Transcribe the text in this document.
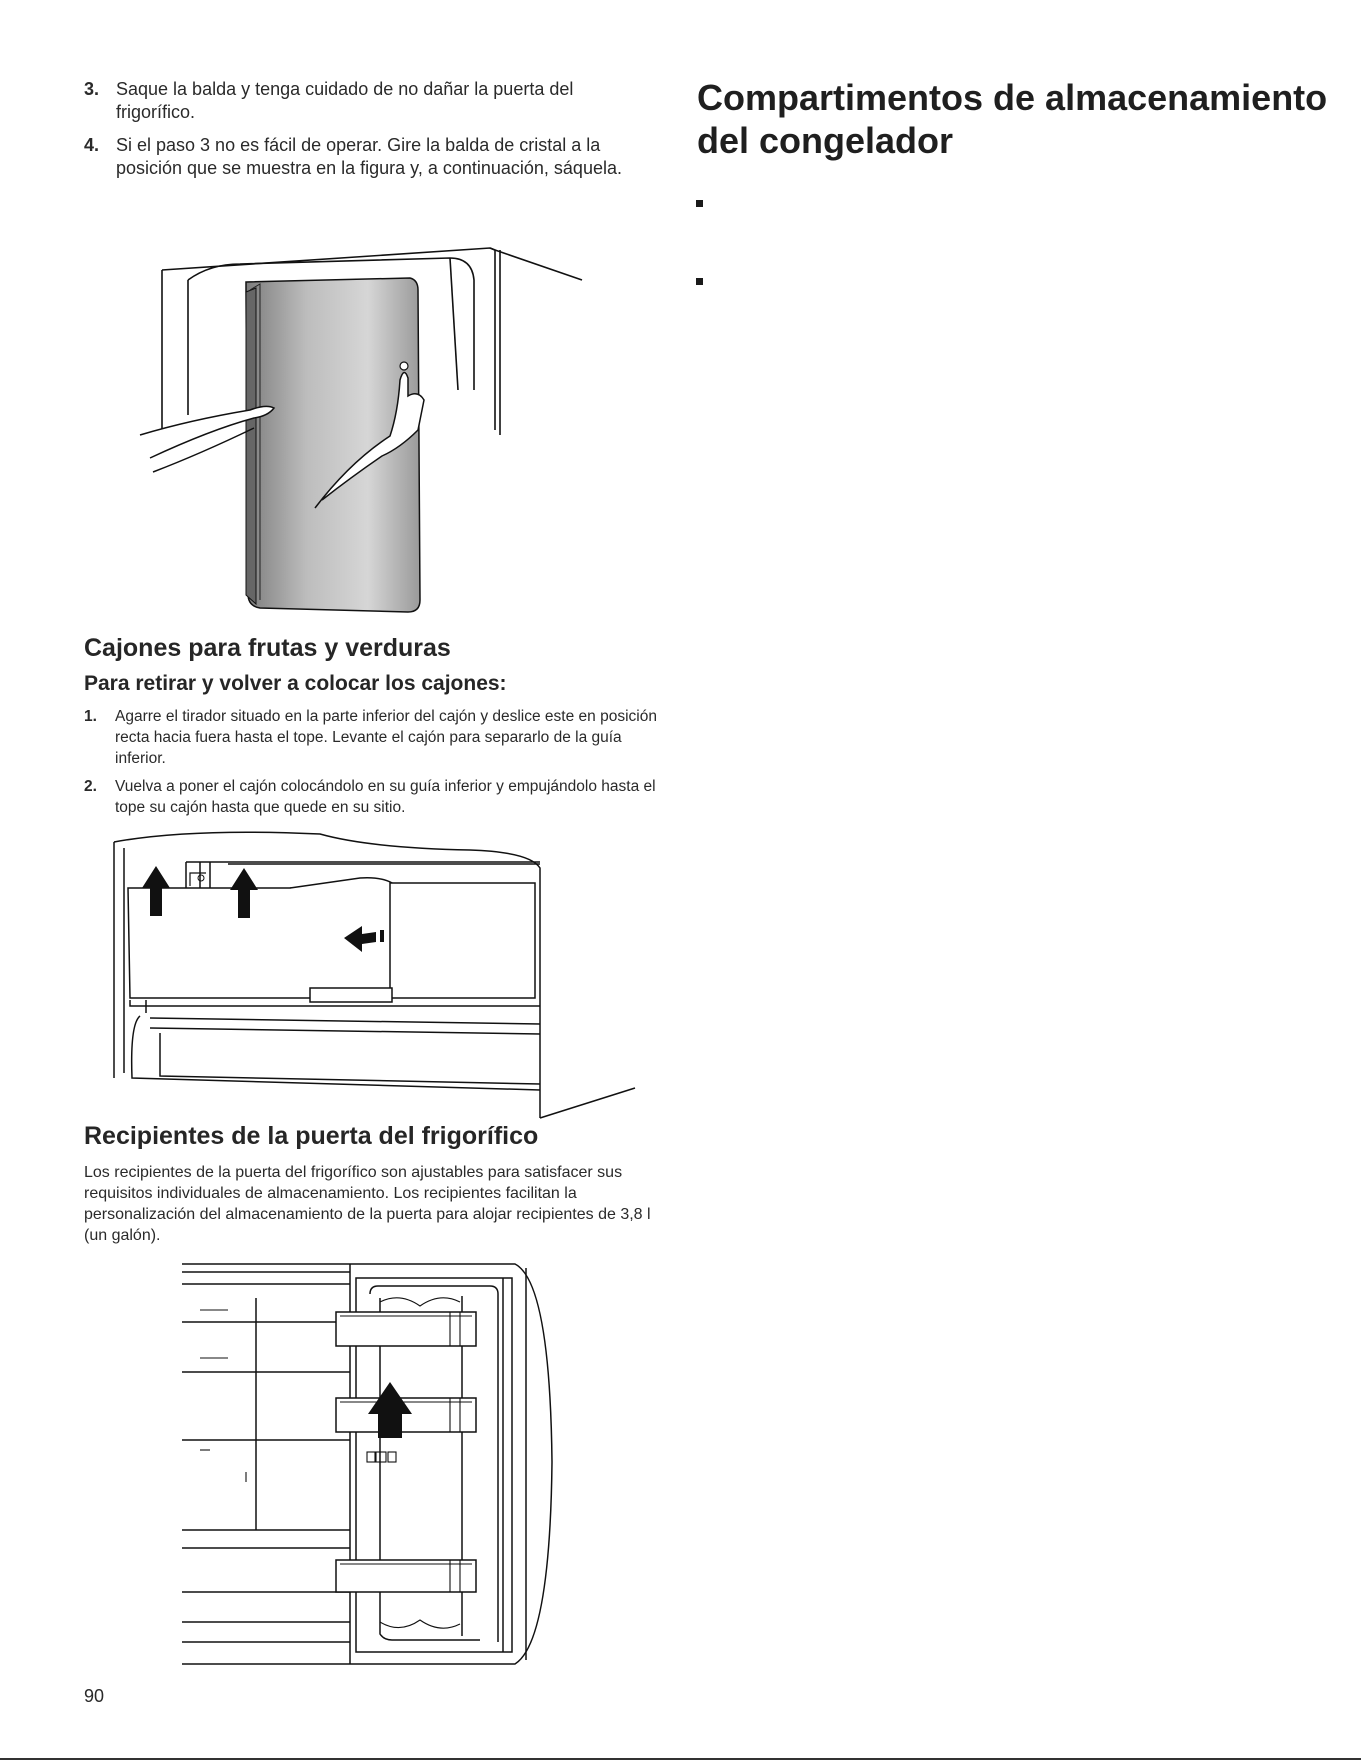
3. Saque la balda y tenga cuidado de no dañar la puerta del frigorífico.
4. Si el paso 3 no es fácil de operar. Gire la balda de cristal a la posición que se muestra en la figura y, a continuación, sáquela.
Cajones para frutas y verduras
Para retirar y volver a colocar los cajones:
1. Agarre el tirador situado en la parte inferior del cajón y deslice este en posición recta hacia fuera hasta el tope. Levante el cajón para separarlo de la guía inferior.
2. Vuelva a poner el cajón colocándolo en su guía inferior y empujándolo hasta el tope su cajón hasta que quede en su sitio.
Recipientes de la puerta del frigorífico
Los recipientes de la puerta del frigorífico son ajustables para satisfacer sus requisitos individuales de almacenamiento. Los recipientes facilitan la personalización del almacenamiento de la puerta para alojar recipientes de 3,8 l (un galón).
Compartimentos de almacenamiento del congelador
90
